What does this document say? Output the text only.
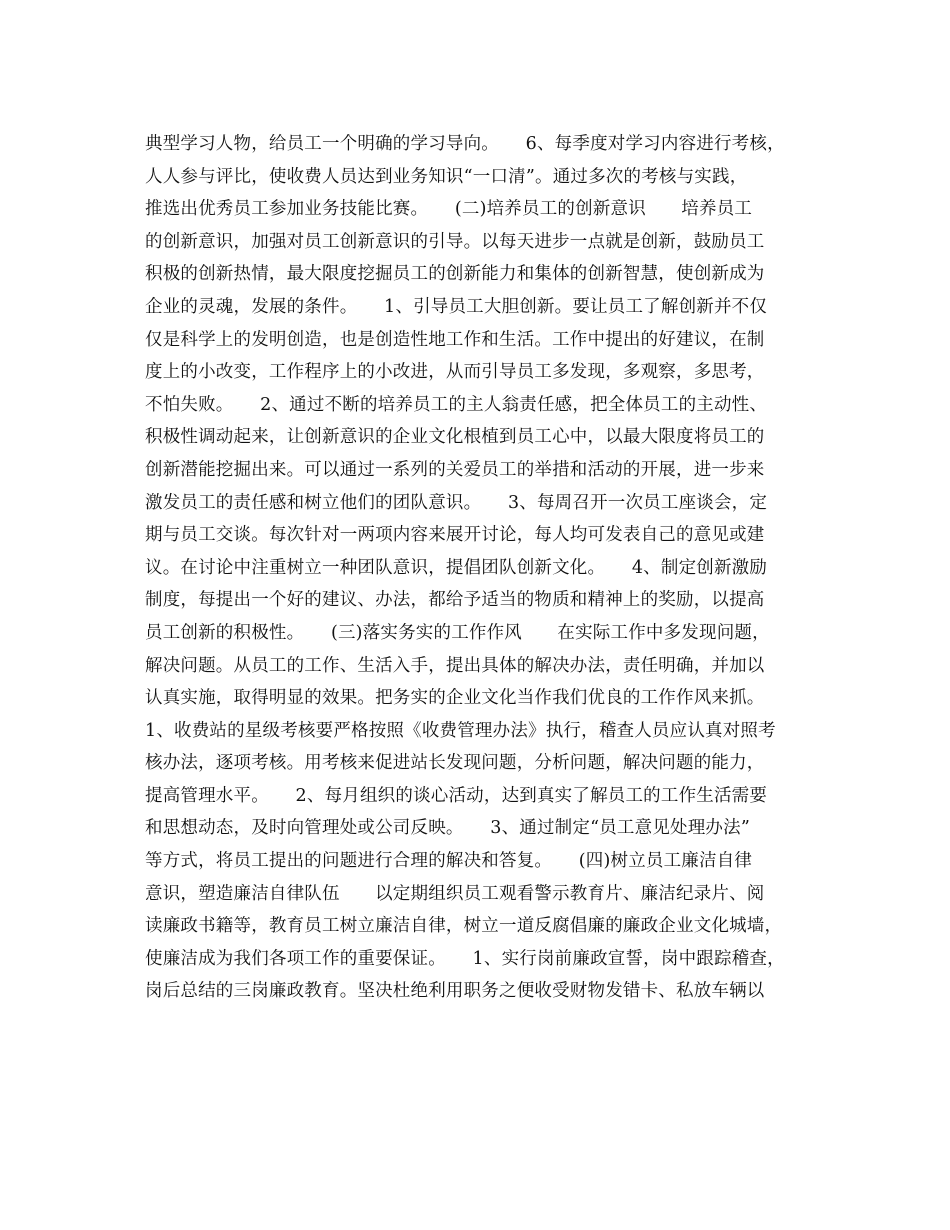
典型学习人物，给员工一个明确的学习导向。　　6、每季度对学习内容进行考核，
人人参与评比，使收费人员达到业务知识“一口清”。通过多次的考核与实践，
推选出优秀员工参加业务技能比赛。　　(二)培养员工的创新意识　　培养员工
的创新意识，加强对员工创新意识的引导。以每天进步一点就是创新，鼓励员工
积极的创新热情，最大限度挖掘员工的创新能力和集体的创新智慧，使创新成为
企业的灵魂，发展的条件。　　1、引导员工大胆创新。要让员工了解创新并不仅
仅是科学上的发明创造，也是创造性地工作和生活。工作中提出的好建议，在制
度上的小改变，工作程序上的小改进，从而引导员工多发现，多观察，多思考，
不怕失败。　　2、通过不断的培养员工的主人翁责任感，把全体员工的主动性、
积极性调动起来，让创新意识的企业文化根植到员工心中，以最大限度将员工的
创新潜能挖掘出来。可以通过一系列的关爱员工的举措和活动的开展，进一步来
激发员工的责任感和树立他们的团队意识。　　3、每周召开一次员工座谈会，定
期与员工交谈。每次针对一两项内容来展开讨论，每人均可发表自己的意见或建
议。在讨论中注重树立一种团队意识，提倡团队创新文化。　　4、制定创新激励
制度，每提出一个好的建议、办法，都给予适当的物质和精神上的奖励，以提高
员工创新的积极性。　　(三)落实务实的工作作风　　在实际工作中多发现问题，
解决问题。从员工的工作、生活入手，提出具体的解决办法，责任明确，并加以
认真实施，取得明显的效果。把务实的企业文化当作我们优良的工作作风来抓。
1、收费站的星级考核要严格按照《收费管理办法》执行，稽查人员应认真对照考
核办法，逐项考核。用考核来促进站长发现问题，分析问题，解决问题的能力，
提高管理水平。　　2、每月组织的谈心活动，达到真实了解员工的工作生活需要
和思想动态，及时向管理处或公司反映。　　3、通过制定“员工意见处理办法”
等方式，将员工提出的问题进行合理的解决和答复。　　(四)树立员工廉洁自律
意识，塑造廉洁自律队伍　　以定期组织员工观看警示教育片、廉洁纪录片、阅
读廉政书籍等，教育员工树立廉洁自律，树立一道反腐倡廉的廉政企业文化城墙，
使廉洁成为我们各项工作的重要保证。　　1、实行岗前廉政宣誓，岗中跟踪稽查，
岗后总结的三岗廉政教育。坚决杜绝利用职务之便收受财物发错卡、私放车辆以
